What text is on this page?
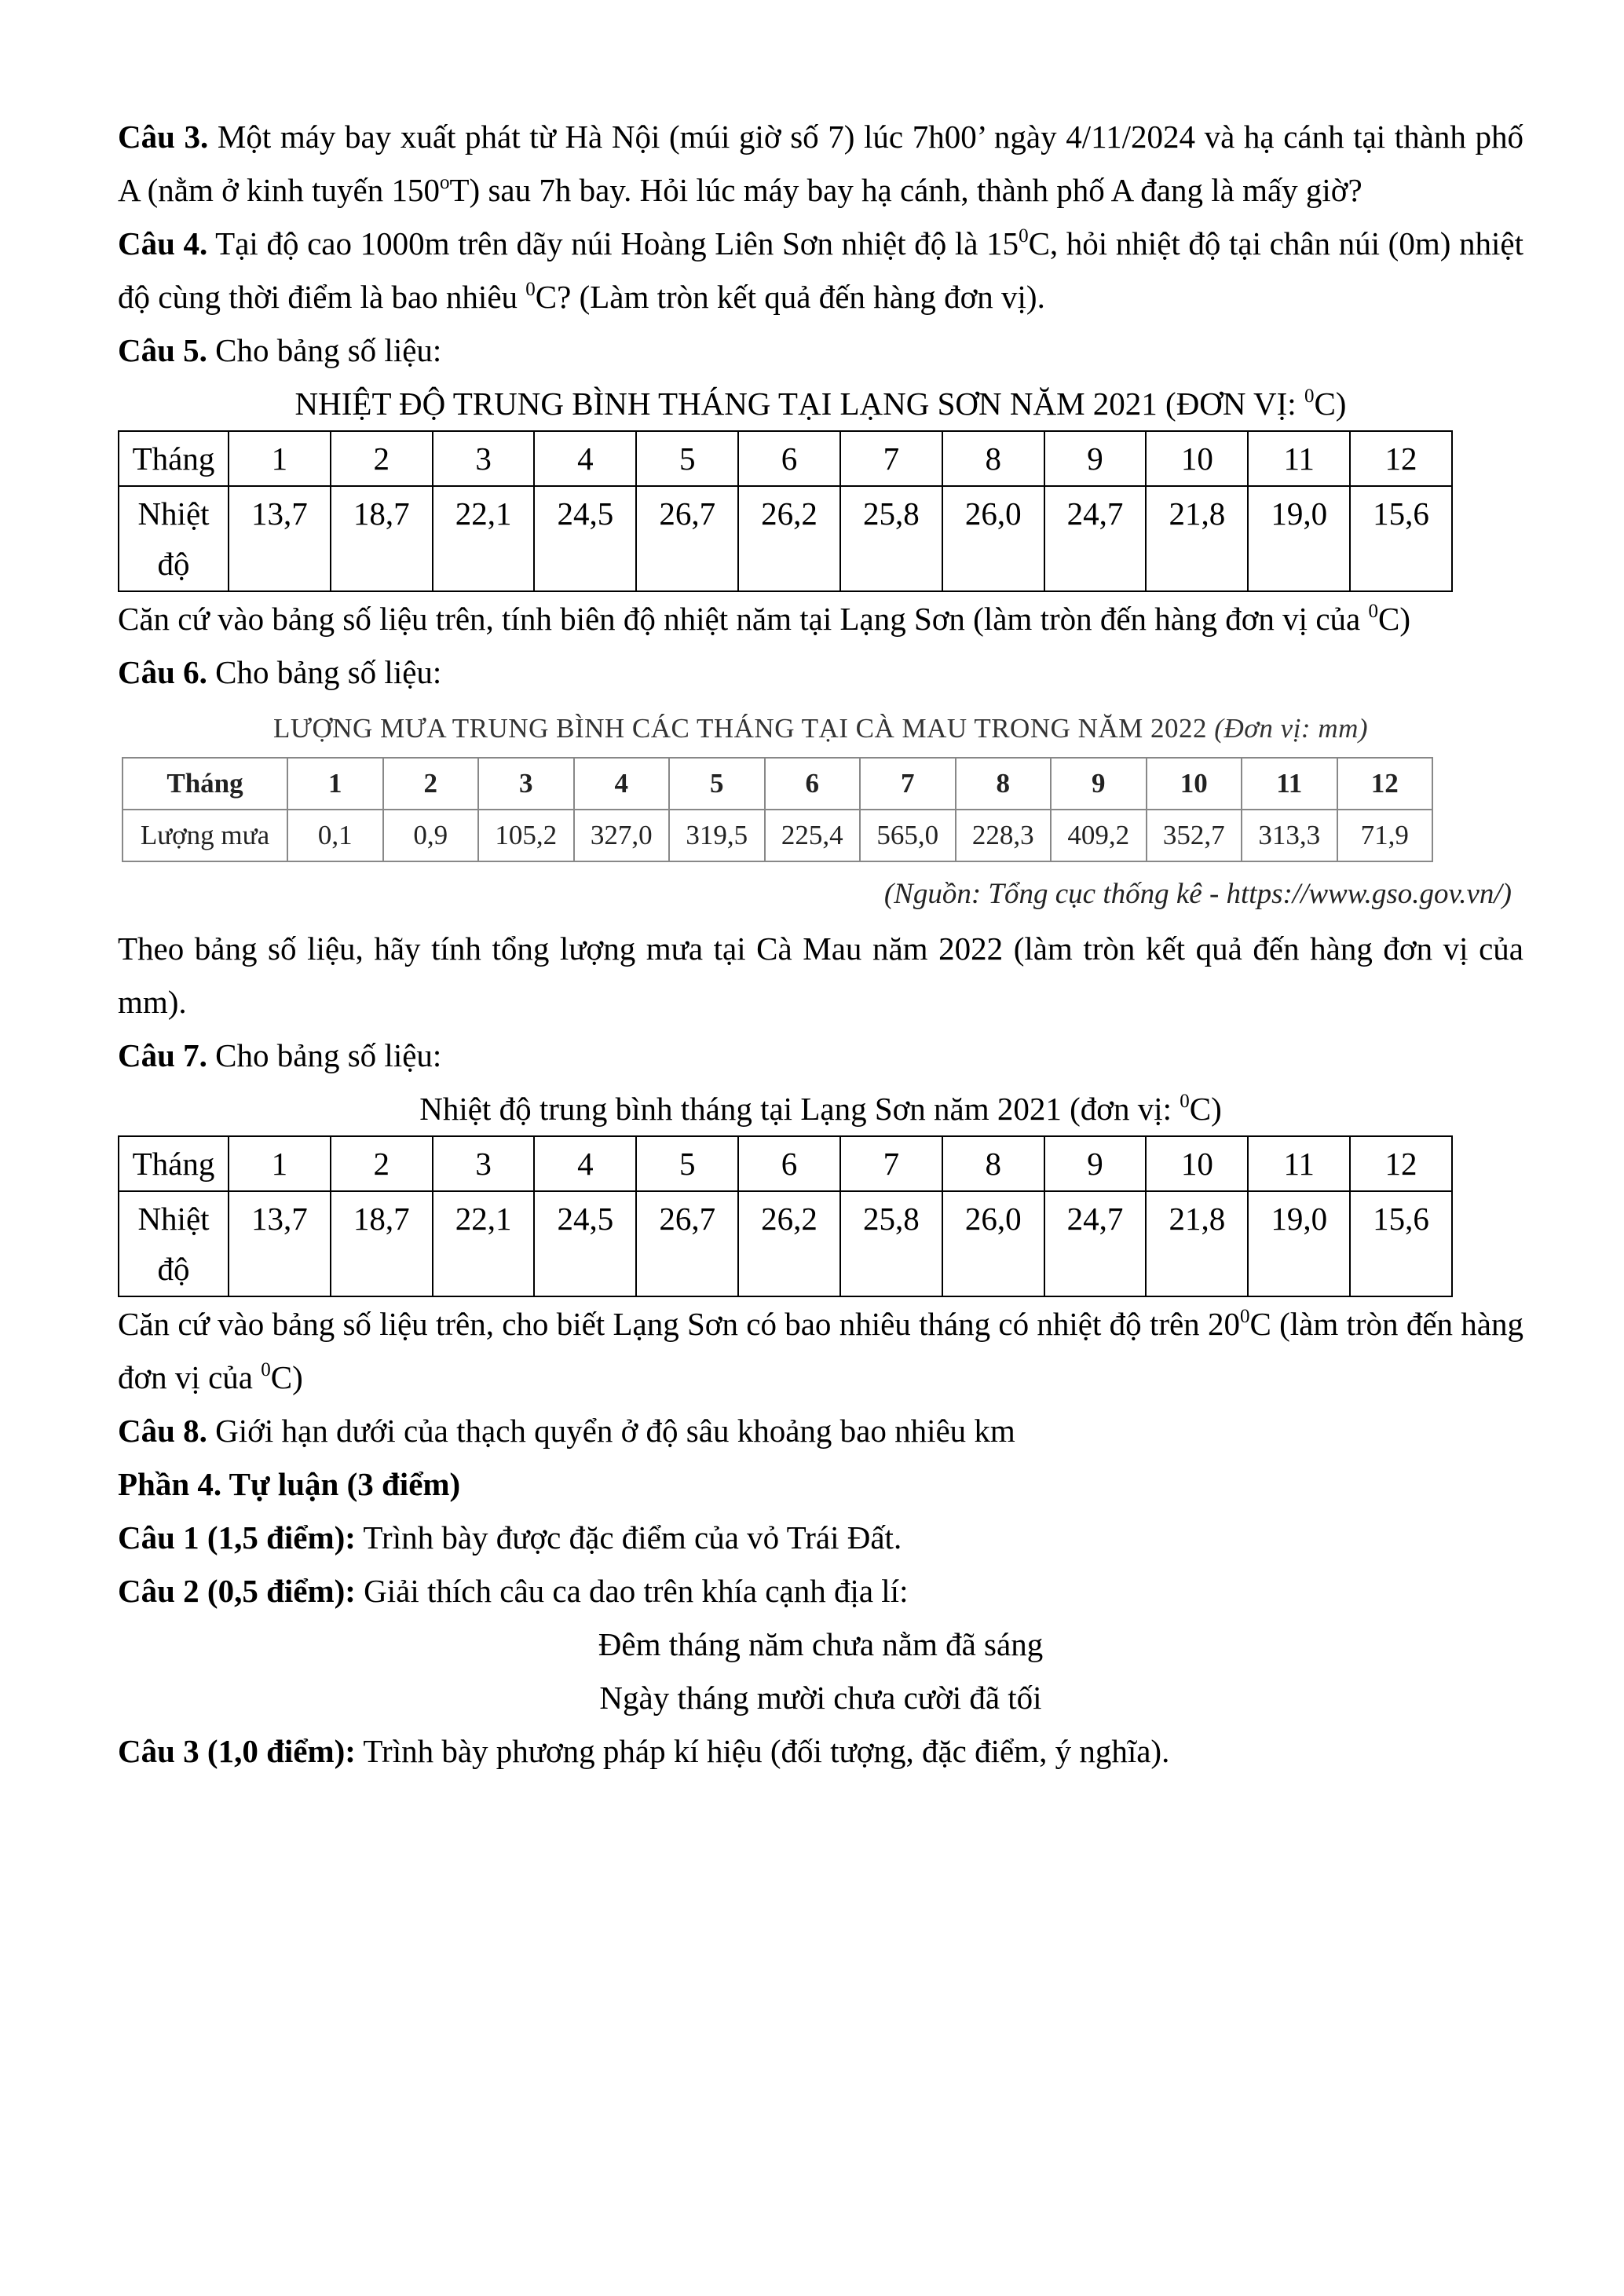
Câu 3. Một máy bay xuất phát từ Hà Nội (múi giờ số 7) lúc 7h00’ ngày 4/11/2024 và hạ cánh tại thành phố A (nằm ở kinh tuyến 150$^o$T) sau 7h bay. Hỏi lúc máy bay hạ cánh, thành phố A đang là mấy giờ?

Câu 4. Tại độ cao 1000m trên dãy núi Hoàng Liên Sơn nhiệt độ là $15^0C$, hỏi nhiệt độ tại chân núi (0m) nhiệt độ cùng thời điểm là bao nhiêu $^0$C? (Làm tròn kết quả đến hàng đơn vị).

Câu 5. Cho bảng số liệu:

NHIỆT ĐỘ TRUNG BÌNH THÁNG TẠI LẠNG SƠN NĂM 2021 (ĐƠN VỊ: $^0$C)

Tháng	1	2	3	4	5	6	7	8	9	10	11	12
Nhiệt độ	13,7	18,7	22,1	24,5	26,7	26,2	25,8	26,0	24,7	21,8	19,0	15,6

Căn cứ vào bảng số liệu trên, tính biên độ nhiệt năm tại Lạng Sơn (làm tròn đến hàng đơn vị của $^0$C)

Câu 6. Cho bảng số liệu:

LƯỢNG MƯA TRUNG BÌNH CÁC THÁNG TẠI CÀ MAU TRONG NĂM 2022 (Đơn vị: mm)

Tháng	1	2	3	4	5	6	7	8	9	10	11	12
Lượng mưa	0,1	0,9	105,2	327,0	319,5	225,4	565,0	228,3	409,2	352,7	313,3	71,9

(Nguồn: Tổng cục thống kê - https://www.gso.gov.vn/)

Theo bảng số liệu, hãy tính tổng lượng mưa tại Cà Mau năm 2022 (làm tròn kết quả đến hàng đơn vị của mm).

Câu 7. Cho bảng số liệu:

Nhiệt độ trung bình tháng tại Lạng Sơn năm 2021 (đơn vị: $^0$C)

Tháng	1	2	3	4	5	6	7	8	9	10	11	12
Nhiệt độ	13,7	18,7	22,1	24,5	26,7	26,2	25,8	26,0	24,7	21,8	19,0	15,6

Căn cứ vào bảng số liệu trên, cho biết Lạng Sơn có bao nhiêu tháng có nhiệt độ trên $20^0C$ (làm tròn đến hàng đơn vị của $^0$C)

Câu 8. Giới hạn dưới của thạch quyển ở độ sâu khoảng bao nhiêu km

Phần 4. Tự luận (3 điểm)

Câu 1 (1,5 điểm): Trình bày được đặc điểm của vỏ Trái Đất.

Câu 2 (0,5 điểm): Giải thích câu ca dao trên khía cạnh địa lí:

Đêm tháng năm chưa nằm đã sáng

Ngày tháng mười chưa cười đã tối

Câu 3 (1,0 điểm): Trình bày phương pháp kí hiệu (đối tượng, đặc điểm, ý nghĩa).
